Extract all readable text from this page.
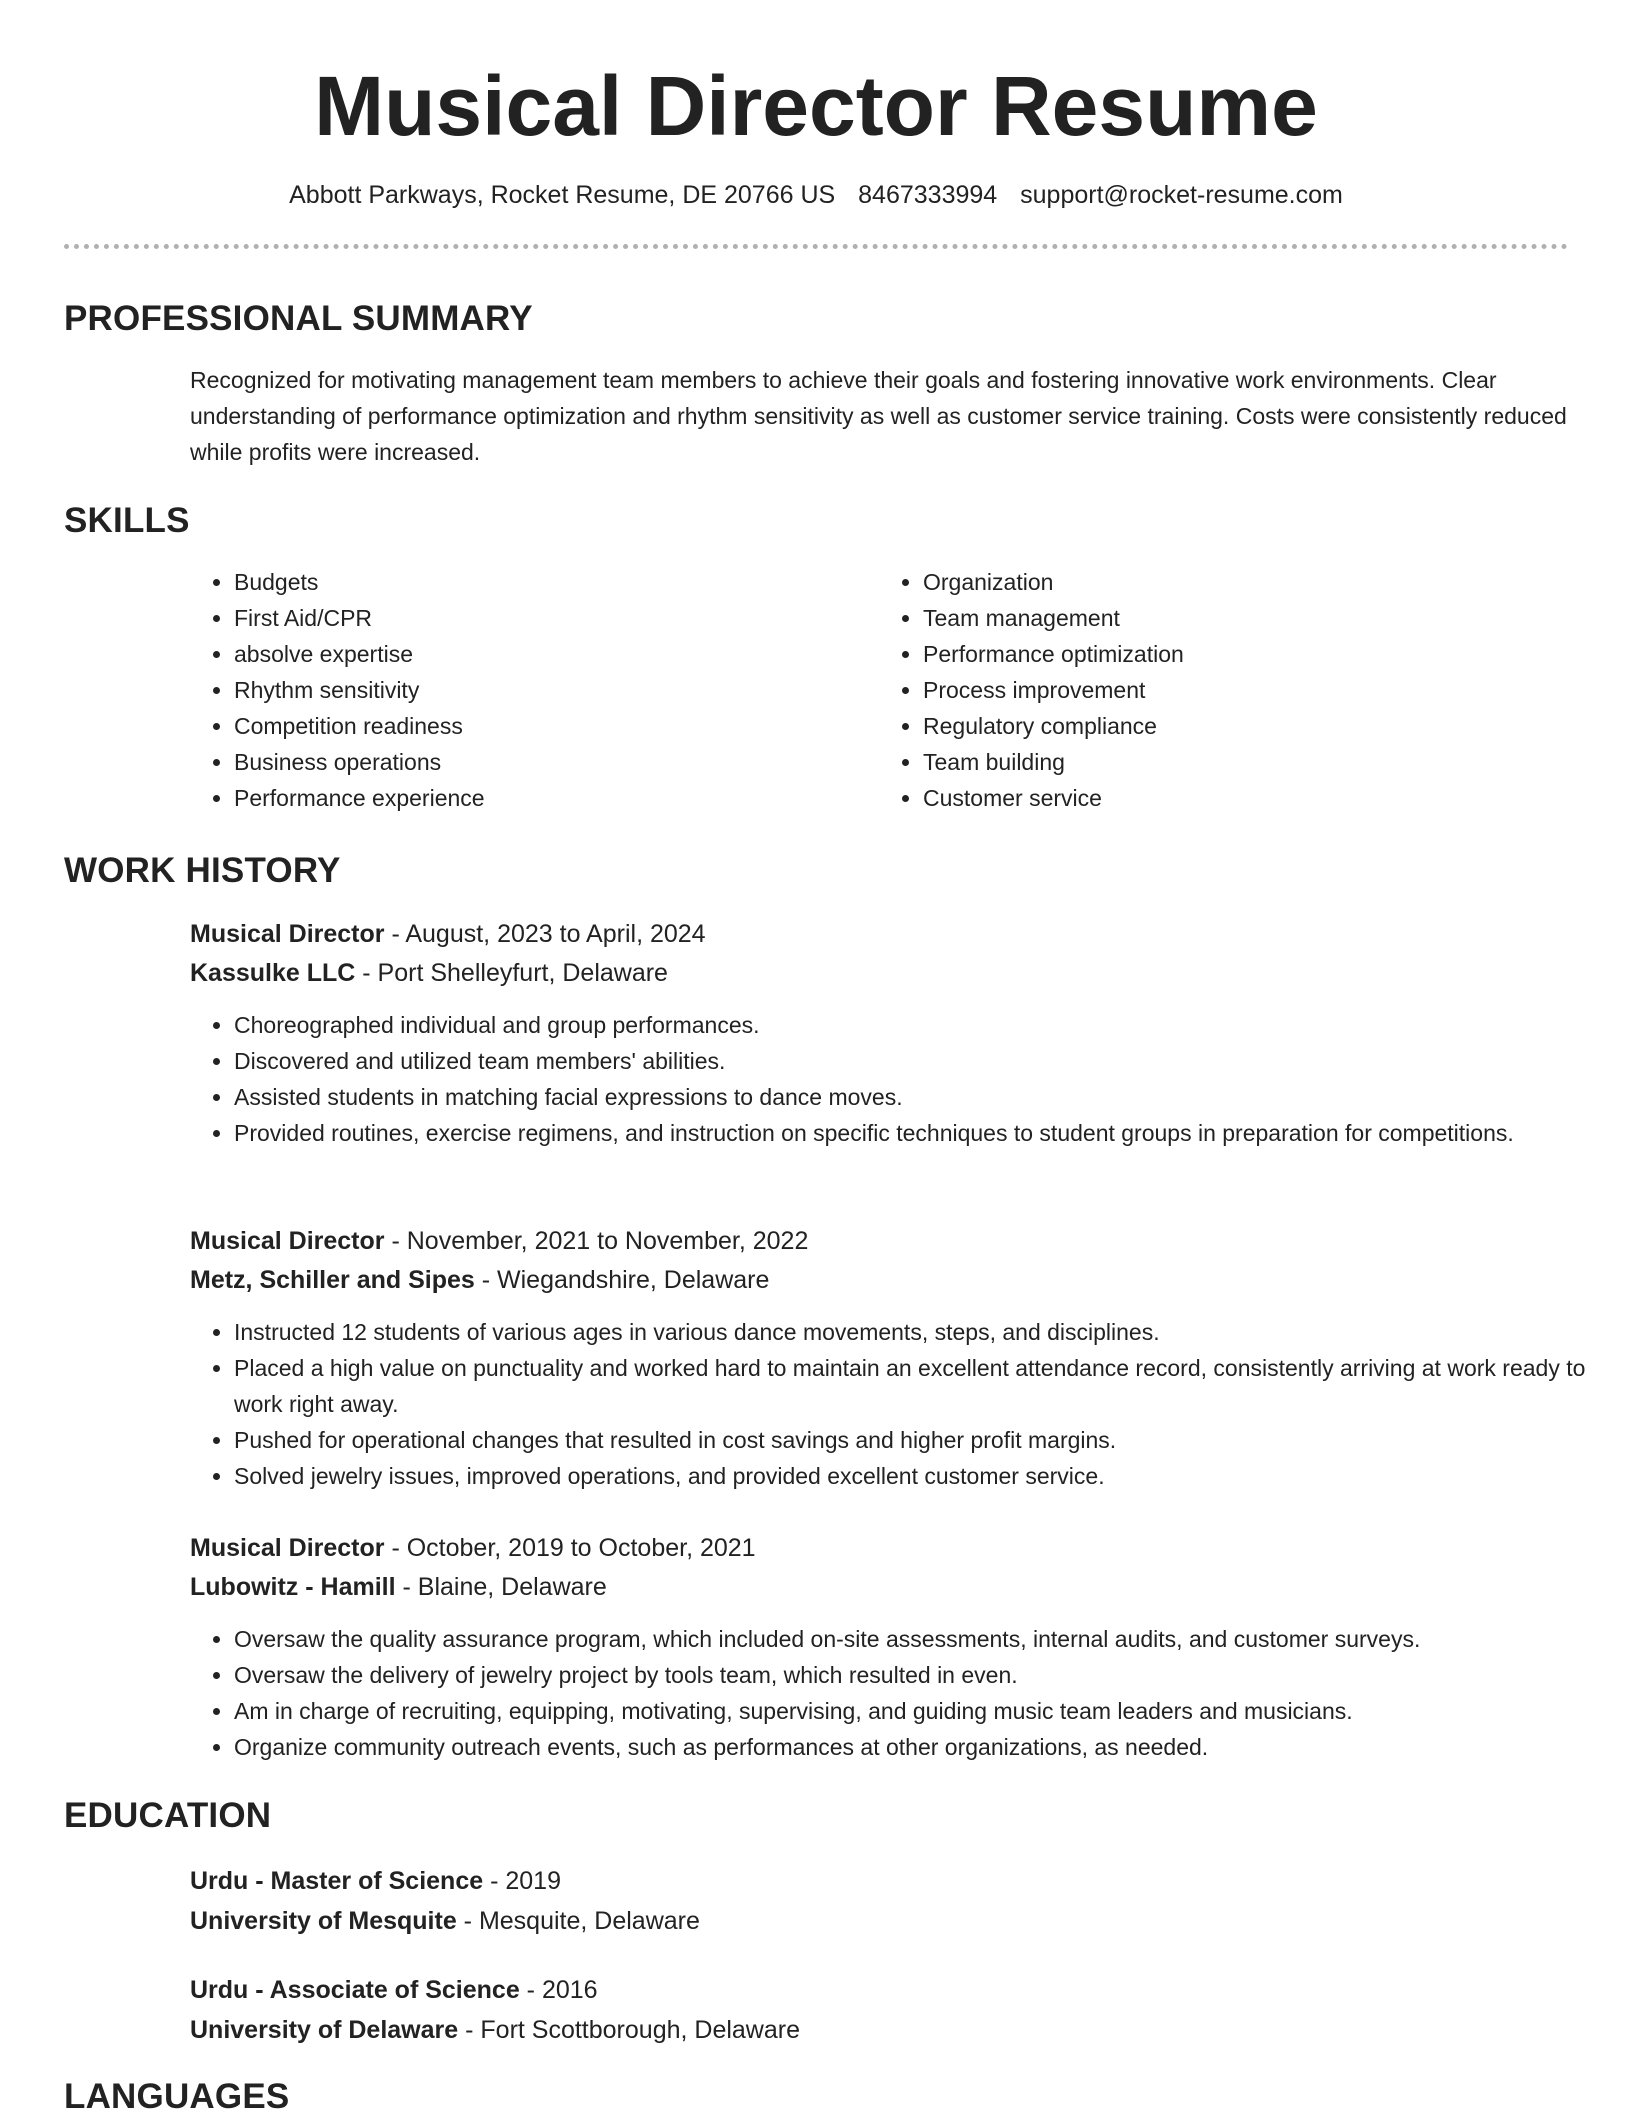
Musical Director Resume
Abbott Parkways, Rocket Resume, DE 20766 US 8467333994 support@rocket-resume.com
PROFESSIONAL SUMMARY
Recognized for motivating management team members to achieve their goals and fostering innovative work environments. Clear understanding of performance optimization and rhythm sensitivity as well as customer service training. Costs were consistently reduced while profits were increased.
SKILLS
• Budgets
• First Aid/CPR
• absolve expertise
• Rhythm sensitivity
• Competition readiness
• Business operations
• Performance experience
• Organization
• Team management
• Performance optimization
• Process improvement
• Regulatory compliance
• Team building
• Customer service
WORK HISTORY
Musical Director - August, 2023 to April, 2024
Kassulke LLC - Port Shelleyfurt, Delaware
• Choreographed individual and group performances.
• Discovered and utilized team members' abilities.
• Assisted students in matching facial expressions to dance moves.
• Provided routines, exercise regimens, and instruction on specific techniques to student groups in preparation for competitions.
Musical Director - November, 2021 to November, 2022
Metz, Schiller and Sipes - Wiegandshire, Delaware
• Instructed 12 students of various ages in various dance movements, steps, and disciplines.
• Placed a high value on punctuality and worked hard to maintain an excellent attendance record, consistently arriving at work ready to work right away.
• Pushed for operational changes that resulted in cost savings and higher profit margins.
• Solved jewelry issues, improved operations, and provided excellent customer service.
Musical Director - October, 2019 to October, 2021
Lubowitz - Hamill - Blaine, Delaware
• Oversaw the quality assurance program, which included on-site assessments, internal audits, and customer surveys.
• Oversaw the delivery of jewelry project by tools team, which resulted in even.
• Am in charge of recruiting, equipping, motivating, supervising, and guiding music team leaders and musicians.
• Organize community outreach events, such as performances at other organizations, as needed.
EDUCATION
Urdu - Master of Science - 2019
University of Mesquite - Mesquite, Delaware
Urdu - Associate of Science - 2016
University of Delaware - Fort Scottborough, Delaware
LANGUAGES
